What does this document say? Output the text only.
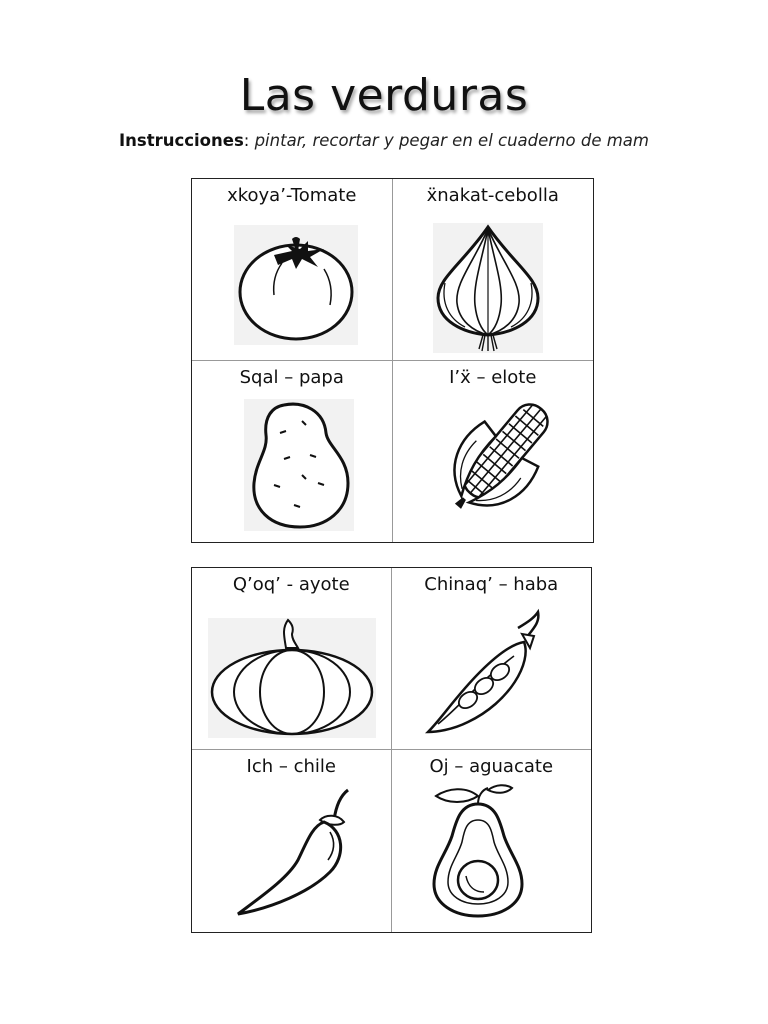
Las verduras
Instrucciones: pintar, recortar y pegar en el cuaderno de mam
xkoya’-Tomate	ẍnakat-cebolla
Sqal – papa	I’ẍ – elote
Q’oq’ - ayote	Chinaq’ – haba
Ich – chile	Oj – aguacate
